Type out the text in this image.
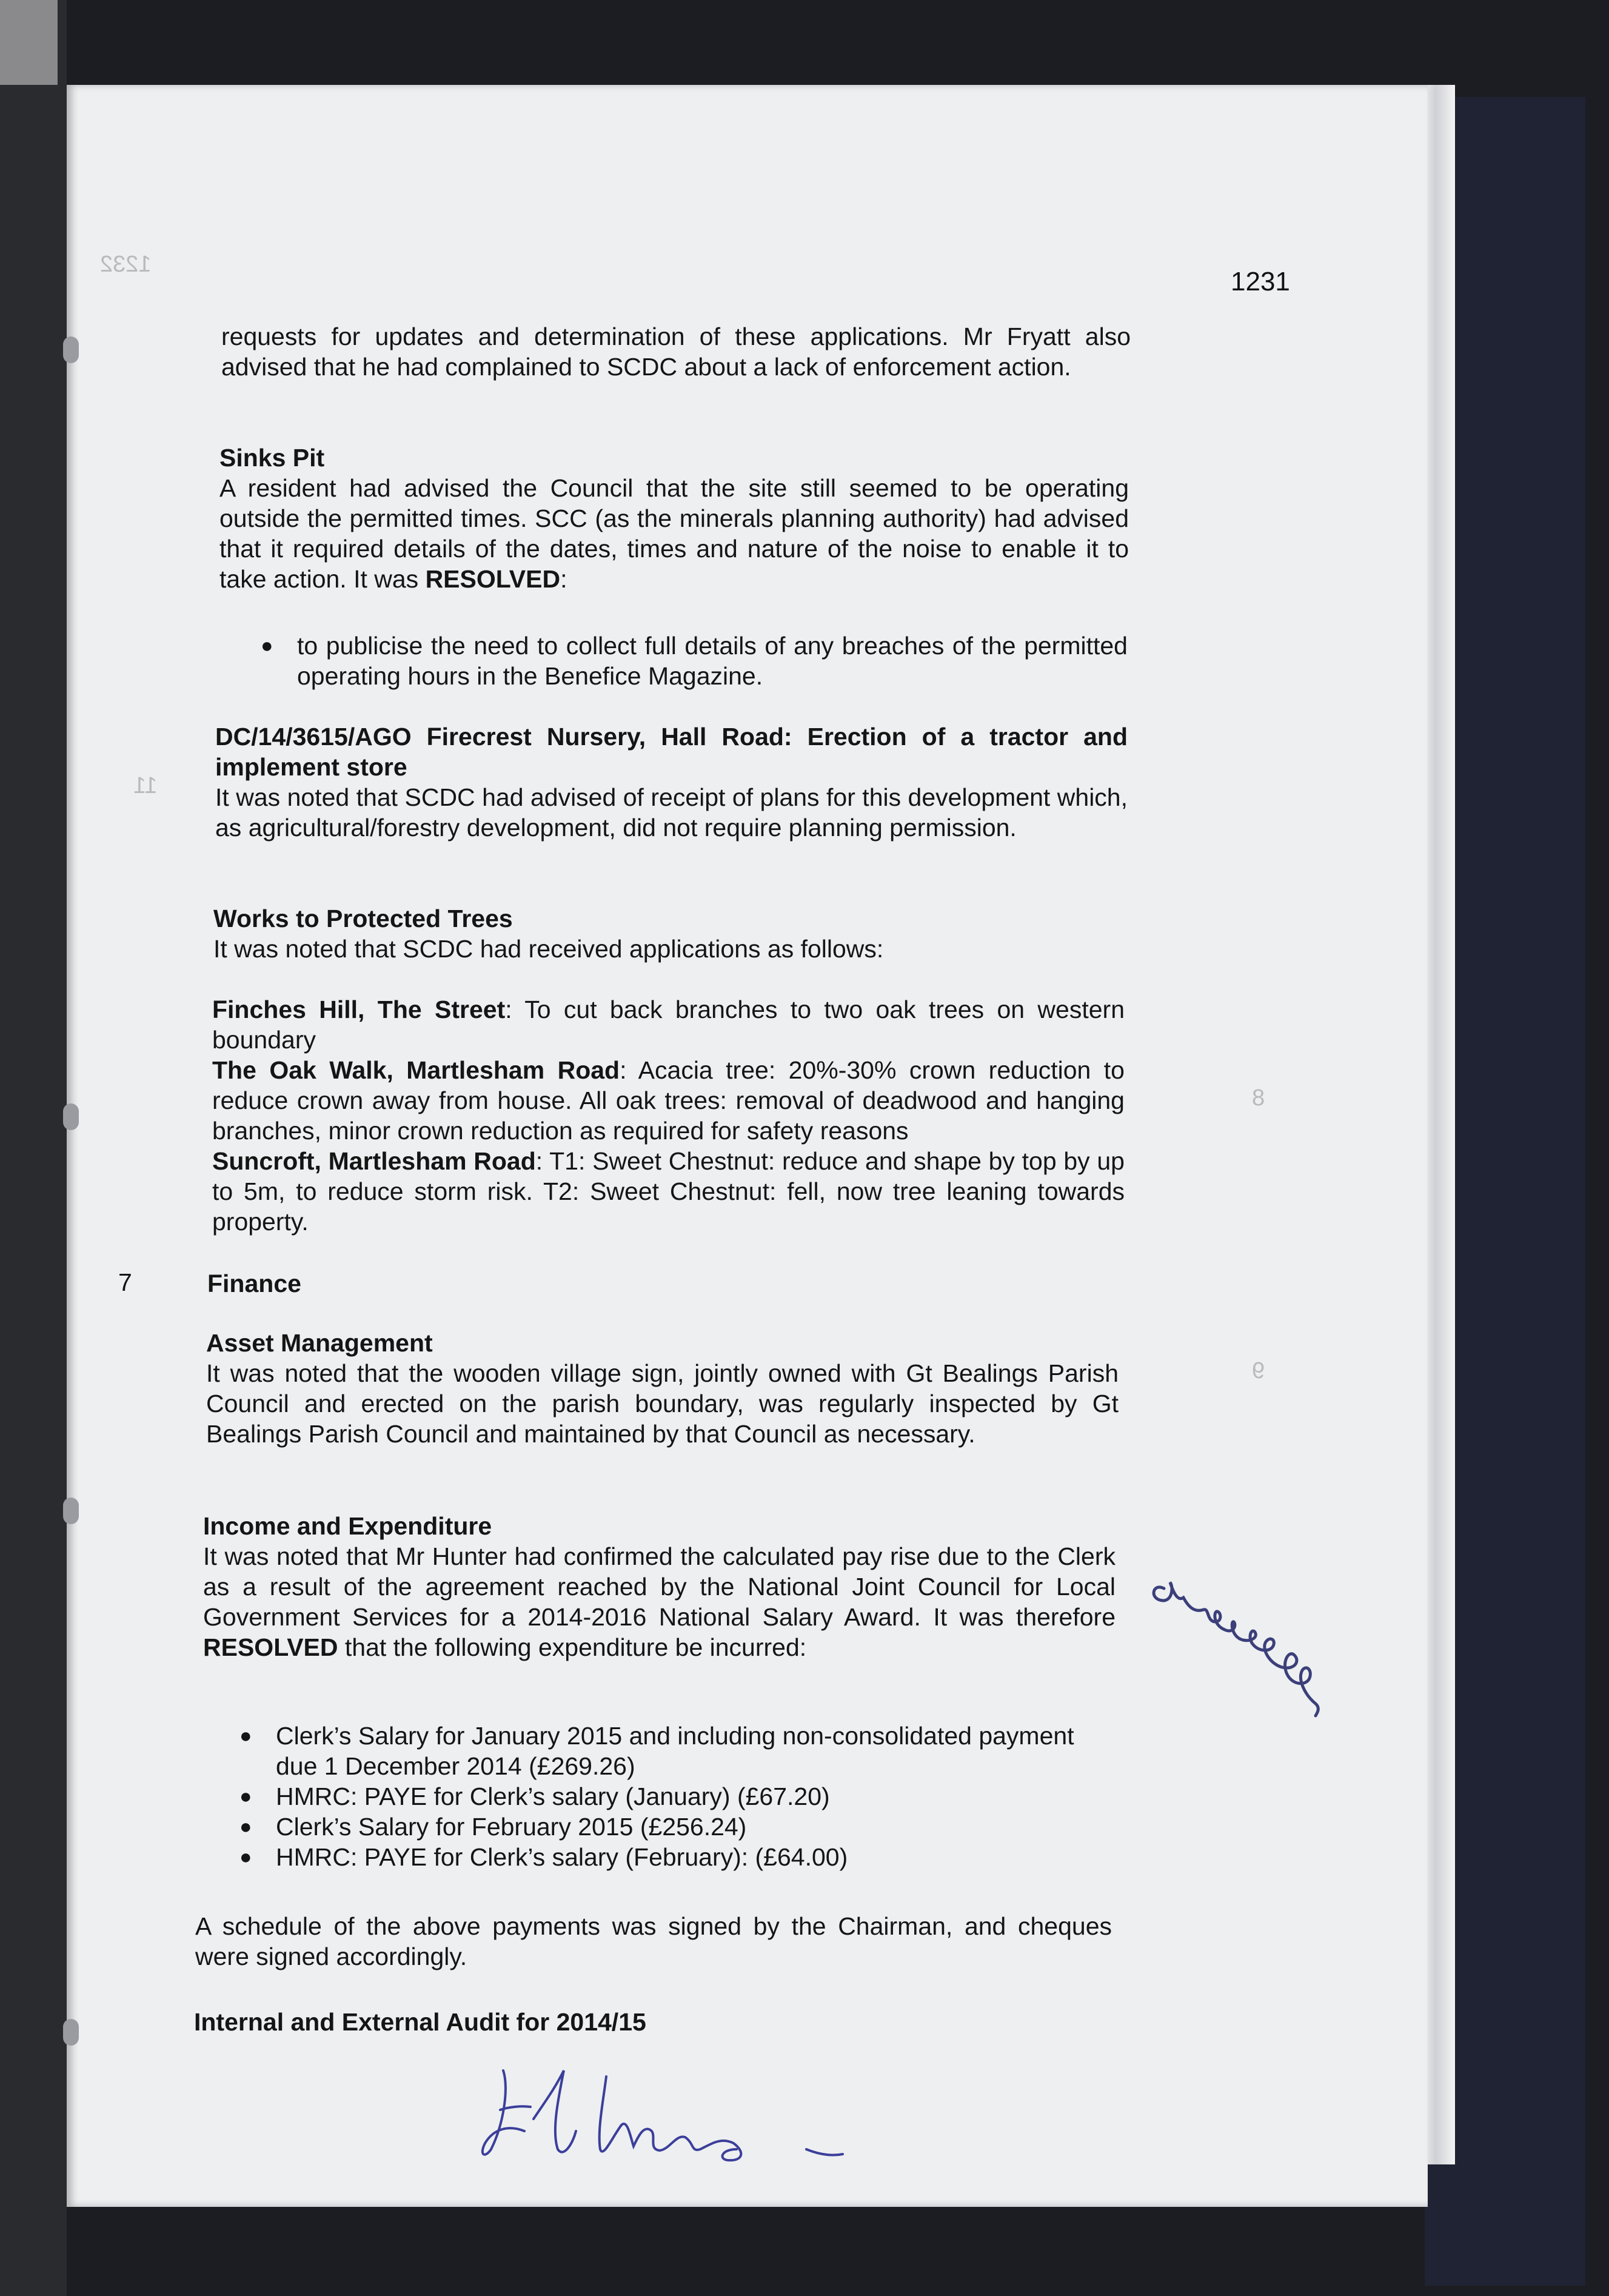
1232
11
8
9
1231
requests for updates and determination of these applications. Mr Fryatt also advised that he had complained to SCDC about a lack of enforcement action.

Sinks Pit

A resident had advised the Council that the site still seemed to be operating outside the permitted times. SCC (as the minerals planning authority) had advised that it required details of the dates, times and nature of the noise to enable it to take action. It was RESOLVED:

● to publicise the need to collect full details of any breaches of the permitted operating hours in the Benefice Magazine.

DC/14/3615/AGO Firecrest Nursery, Hall Road: Erection of a tractor and implement store

It was noted that SCDC had advised of receipt of plans for this development which, as agricultural/forestry development, did not require planning permission.

Works to Protected Trees

It was noted that SCDC had received applications as follows:

Finches Hill, The Street: To cut back branches to two oak trees on western boundary

The Oak Walk, Martlesham Road: Acacia tree: 20%-30% crown reduction to reduce crown away from house. All oak trees: removal of deadwood and hanging branches, minor crown reduction as required for safety reasons

Suncroft, Martlesham Road: T1: Sweet Chestnut: reduce and shape by top by up to 5m, to reduce storm risk. T2: Sweet Chestnut: fell, now tree leaning towards property.

7	Finance

Asset Management

It was noted that the wooden village sign, jointly owned with Gt Bealings Parish Council and erected on the parish boundary, was regularly inspected by Gt Bealings Parish Council and maintained by that Council as necessary.

Income and Expenditure

It was noted that Mr Hunter had confirmed the calculated pay rise due to the Clerk as a result of the agreement reached by the National Joint Council for Local Government Services for a 2014-2016 National Salary Award. It was therefore RESOLVED that the following expenditure be incurred:

● Clerk’s Salary for January 2015 and including non-consolidated payment due 1 December 2014 (£269.26)
● HMRC: PAYE for Clerk’s salary (January) (£67.20)
● Clerk’s Salary for February 2015 (£256.24)
● HMRC: PAYE for Clerk’s salary (February): (£64.00)
A schedule of the above payments was signed by the Chairman, and cheques were signed accordingly.
Internal and External Audit for 2014/15
